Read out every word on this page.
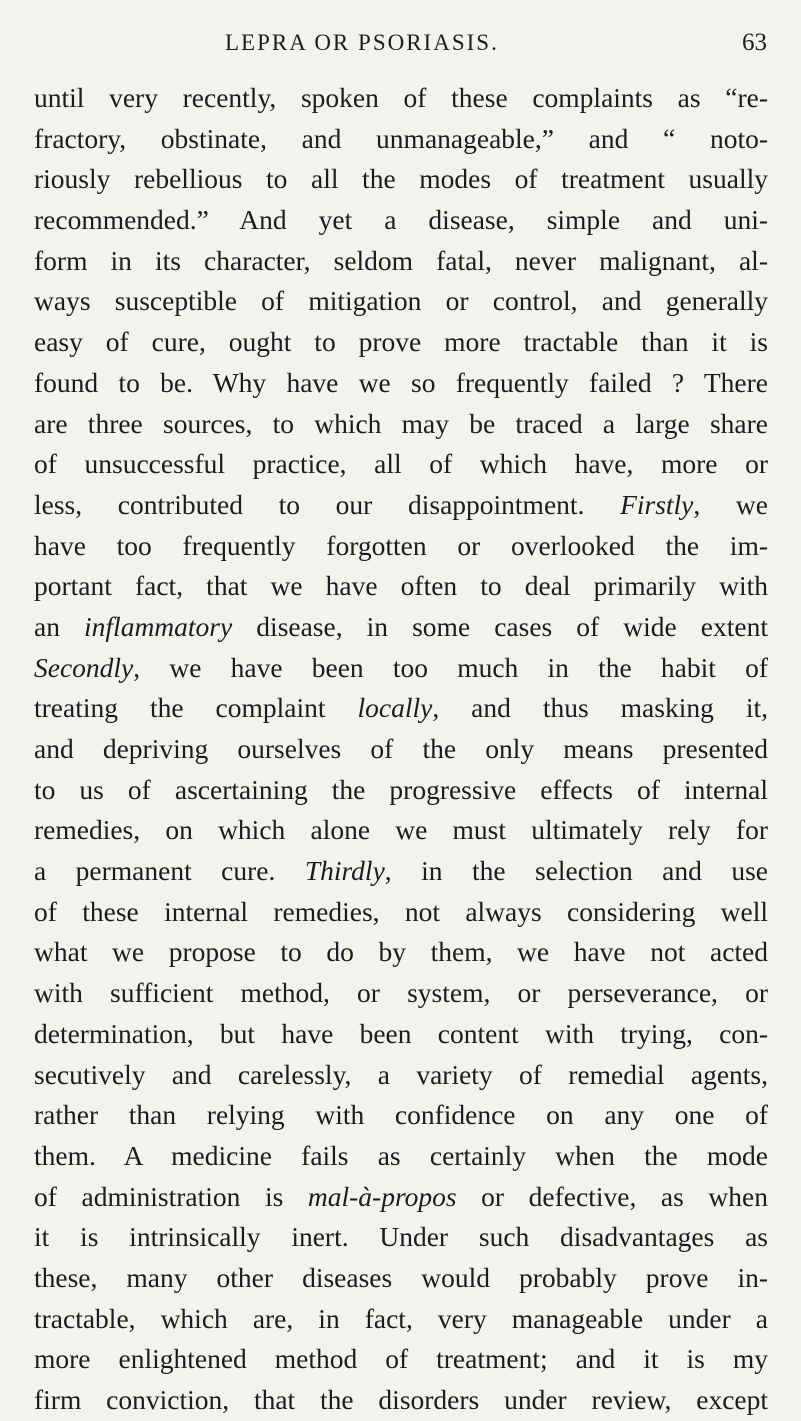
LEPRA OR PSORIASIS.	63
until very recently, spoken of these complaints as “re-
fractory, obstinate, and unmanageable,” and “ noto-
riously rebellious to all the modes of treatment usually
recommended.” And yet a disease, simple and uni-
form in its character, seldom fatal, never malignant, al-
ways susceptible of mitigation or control, and generally
easy of cure, ought to prove more tractable than it is
found to be. Why have we so frequently failed ? There
are three sources, to which may be traced a large share
of unsuccessful practice, all of which have, more or
less, contributed to our disappointment. Firstly, we
have too frequently forgotten or overlooked the im-
portant fact, that we have often to deal primarily with
an inflammatory disease, in some cases of wide extent
Secondly, we have been too much in the habit of
treating the complaint locally, and thus masking it,
and depriving ourselves of the only means presented
to us of ascertaining the progressive effects of internal
remedies, on which alone we must ultimately rely for
a permanent cure. Thirdly, in the selection and use
of these internal remedies, not always considering well
what we propose to do by them, we have not acted
with sufficient method, or system, or perseverance, or
determination, but have been content with trying, con-
secutively and carelessly, a variety of remedial agents,
rather than relying with confidence on any one of
them. A medicine fails as certainly when the mode
of administration is mal-à-propos or defective, as when
it is intrinsically inert. Under such disadvantages as
these, many other diseases would probably prove in-
tractable, which are, in fact, very manageable under a
more enlightened method of treatment; and it is my
firm conviction, that the disorders under review, except
